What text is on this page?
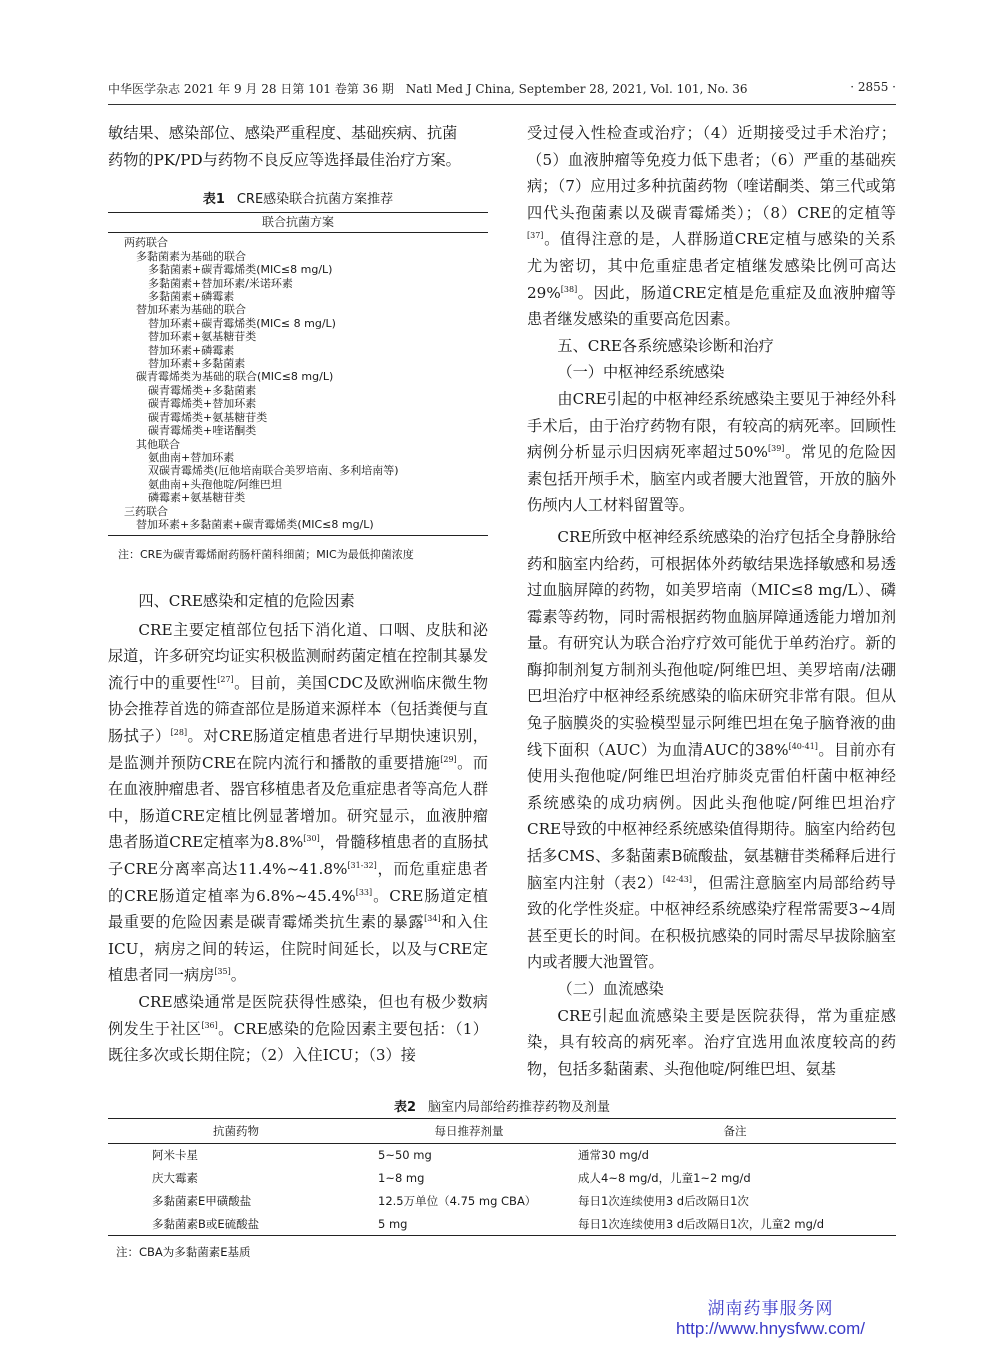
中华医学杂志 2021 年 9 月 28 日第 101 卷第 36 期　Natl Med J China, September 28, 2021, Vol. 101, No. 36	· 2855 ·

敏结果、感染部位、感染严重程度、基础疾病、抗菌

药物的PK/PD与药物不良反应等选择最佳治疗方案。

表1 CRE感染联合抗菌方案推荐
联合抗菌方案
两药联合
多黏菌素为基础的联合
多黏菌素+碳青霉烯类(MIC≤8 mg/L)
多黏菌素+替加环素/米诺环素
多黏菌素+磷霉素
替加环素为基础的联合
替加环素+碳青霉烯类(MIC≤ 8 mg/L)
替加环素+氨基糖苷类
替加环素+磷霉素
替加环素+多黏菌素
碳青霉烯类为基础的联合(MIC≤8 mg/L)
碳青霉烯类+多黏菌素
碳青霉烯类+替加环素
碳青霉烯类+氨基糖苷类
碳青霉烯类+喹诺酮类
其他联合
氨曲南+替加环素
双碳青霉烯类(厄他培南联合美罗培南、多利培南等)
氨曲南+头孢他啶/阿维巴坦
磷霉素+氨基糖苷类
三药联合
替加环素+多黏菌素+碳青霉烯类(MIC≤8 mg/L)
注：CRE为碳青霉烯耐药肠杆菌科细菌；MIC为最低抑菌浓度

四、CRE感染和定植的危险因素

CRE主要定植部位包括下消化道、口咽、皮肤和泌尿道，许多研究均证实积极监测耐药菌定植在控制其暴发流行中的重要性[27]。目前，美国CDC及欧洲临床微生物协会推荐首选的筛查部位是肠道来源样本（包括粪便与直肠拭子）[28]。对CRE肠道定植患者进行早期快速识别，是监测并预防CRE在院内流行和播散的重要措施[29]。而在血液肿瘤患者、器官移植患者及危重症患者等高危人群中，肠道CRE定植比例显著增加。研究显示，血液肿瘤患者肠道CRE定植率为8.8%[30]，骨髓移植患者的直肠拭子CRE分离率高达11.4%~41.8%[31-32]，而危重症患者的CRE肠道定植率为6.8%~45.4%[33]。CRE肠道定植最重要的危险因素是碳青霉烯类抗生素的暴露[34]和入住ICU，病房之间的转运，住院时间延长，以及与CRE定植患者同一病房[35]。

CRE感染通常是医院获得性感染，但也有极少数病例发生于社区[36]。CRE感染的危险因素主要包括：（1）既往多次或长期住院；（2）入住ICU；（3）接

受过侵入性检查或治疗；（4）近期接受过手术治疗；（5）血液肿瘤等免疫力低下患者；（6）严重的基础疾病；（7）应用过多种抗菌药物（喹诺酮类、第三代或第四代头孢菌素以及碳青霉烯类）；（8）CRE的定植等[37]。值得注意的是，人群肠道CRE定植与感染的关系尤为密切，其中危重症患者定植继发感染比例可高达29%[38]。因此，肠道CRE定植是危重症及血液肿瘤等患者继发感染的重要高危因素。

五、CRE各系统感染诊断和治疗

（一）中枢神经系统感染

由CRE引起的中枢神经系统感染主要见于神经外科手术后，由于治疗药物有限，有较高的病死率。回顾性病例分析显示归因病死率超过50%[39]。常见的危险因素包括开颅手术，脑室内或者腰大池置管，开放的脑外伤颅内人工材料留置等。

CRE所致中枢神经系统感染的治疗包括全身静脉给药和脑室内给药，可根据体外药敏结果选择敏感和易透过血脑屏障的药物，如美罗培南（MIC≤8 mg/L）、磷霉素等药物，同时需根据药物血脑屏障通透能力增加剂量。有研究认为联合治疗疗效可能优于单药治疗。新的酶抑制剂复方制剂头孢他啶/阿维巴坦、美罗培南/法硼巴坦治疗中枢神经系统感染的临床研究非常有限。但从兔子脑膜炎的实验模型显示阿维巴坦在兔子脑脊液的曲线下面积（AUC）为血清AUC的38%[40-41]。目前亦有使用头孢他啶/阿维巴坦治疗肺炎克雷伯杆菌中枢神经系统感染的成功病例。因此头孢他啶/阿维巴坦治疗CRE导致的中枢神经系统感染值得期待。脑室内给药包括多CMS、多黏菌素B硫酸盐，氨基糖苷类稀释后进行脑室内注射（表2）[42-43]，但需注意脑室内局部给药导致的化学性炎症。中枢神经系统感染疗程常需要3~4周甚至更长的时间。在积极抗感染的同时需尽早拔除脑室内或者腰大池置管。

（二）血流感染

CRE引起血流感染主要是医院获得，常为重症感染，具有较高的病死率。治疗宜选用血浓度较高的药物，包括多黏菌素、头孢他啶/阿维巴坦、氨基

表2 脑室内局部给药推荐药物及剂量
抗菌药物	每日推荐剂量	备注
阿米卡星	5~50 mg	通常30 mg/d
庆大霉素	1~8 mg	成人4~8 mg/d，儿童1~2 mg/d
多黏菌素E甲磺酸盐	12.5万单位（4.75 mg CBA）	每日1次连续使用3 d后改隔日1次
多黏菌素B或E硫酸盐	5 mg	每日1次连续使用3 d后改隔日1次，儿童2 mg/d
注：CBA为多黏菌素E基质
湖南药事服务网
http://www.hnysfww.com/
